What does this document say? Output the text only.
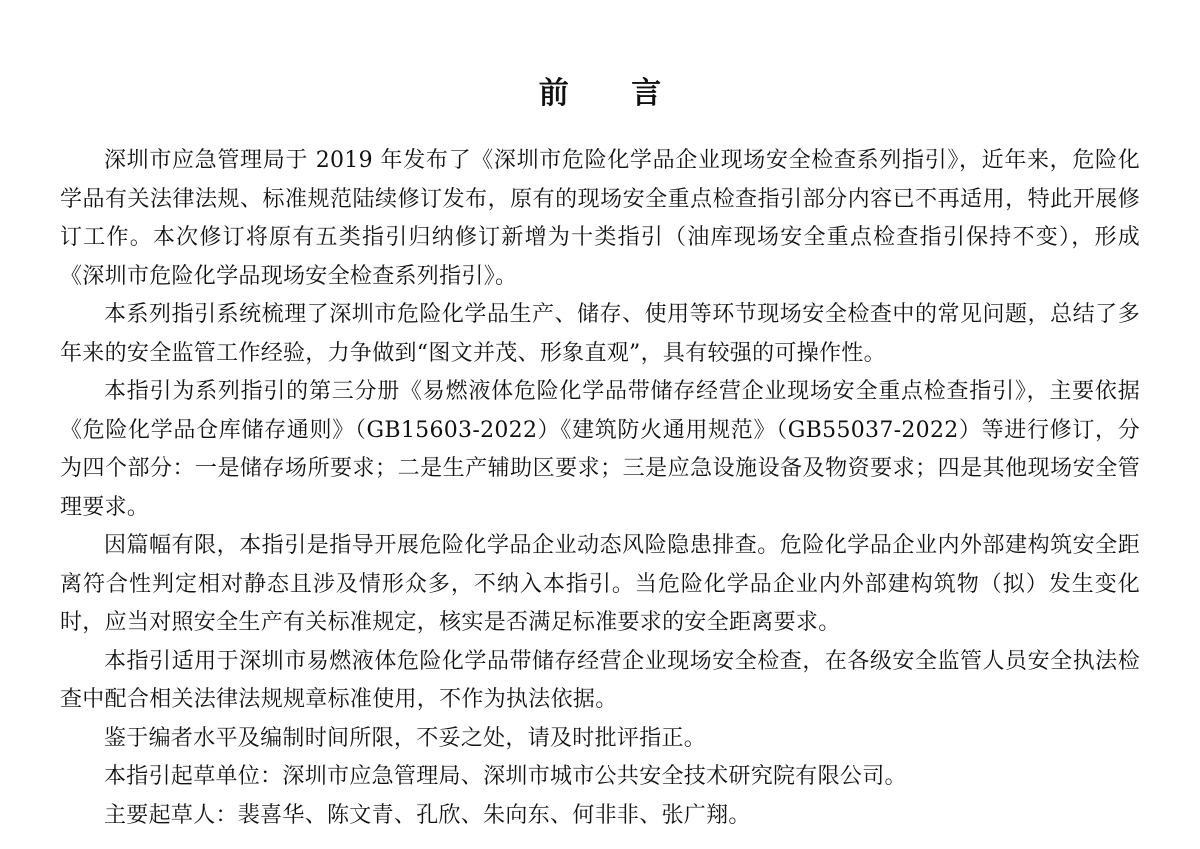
前 言

深圳市应急管理局于 2019 年发布了《深圳市危险化学品企业现场安全检查系列指引》，近年来，危险化学品有关法律法规、标准规范陆续修订发布，原有的现场安全重点检查指引部分内容已不再适用，特此开展修订工作。本次修订将原有五类指引归纳修订新增为十类指引（油库现场安全重点检查指引保持不变），形成《深圳市危险化学品现场安全检查系列指引》。

本系列指引系统梳理了深圳市危险化学品生产、储存、使用等环节现场安全检查中的常见问题，总结了多年来的安全监管工作经验，力争做到“图文并茂、形象直观”，具有较强的可操作性。

本指引为系列指引的第三分册《易燃液体危险化学品带储存经营企业现场安全重点检查指引》，主要依据《危险化学品仓库储存通则》（GB15603-2022）《建筑防火通用规范》（GB55037-2022）等进行修订，分为四个部分：一是储存场所要求；二是生产辅助区要求；三是应急设施设备及物资要求；四是其他现场安全管理要求。

因篇幅有限，本指引是指导开展危险化学品企业动态风险隐患排查。危险化学品企业内外部建构筑安全距离符合性判定相对静态且涉及情形众多，不纳入本指引。当危险化学品企业内外部建构筑物（拟）发生变化时，应当对照安全生产有关标准规定，核实是否满足标准要求的安全距离要求。

本指引适用于深圳市易燃液体危险化学品带储存经营企业现场安全检查，在各级安全监管人员安全执法检查中配合相关法律法规规章标准使用，不作为执法依据。

鉴于编者水平及编制时间所限，不妥之处，请及时批评指正。

本指引起草单位：深圳市应急管理局、深圳市城市公共安全技术研究院有限公司。

主要起草人：裴喜华、陈文青、孔欣、朱向东、何非非、张广翔。
